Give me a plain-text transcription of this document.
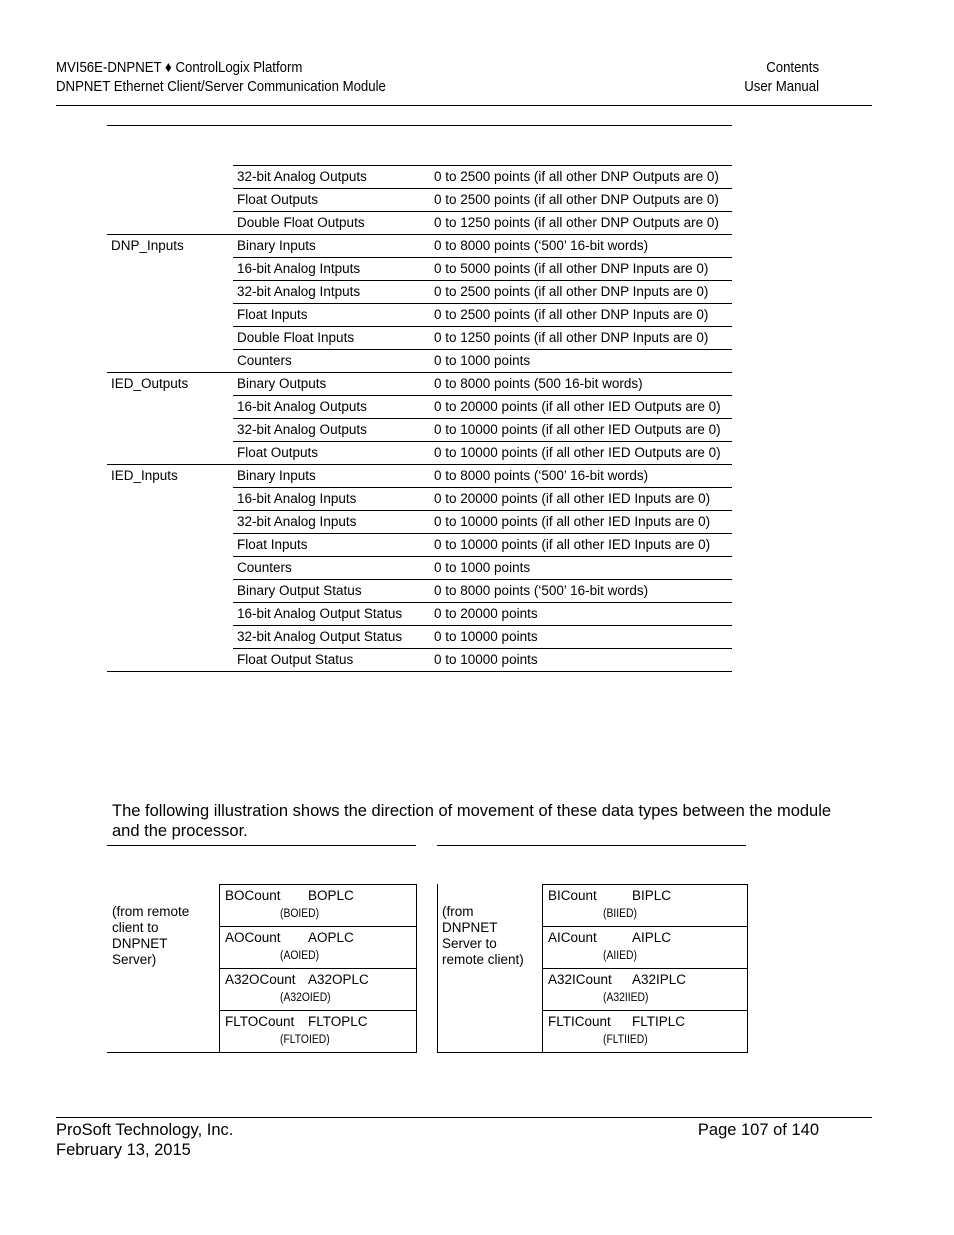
MVI56E-DNPNET ♦ ControlLogix Platform
DNPNET Ethernet Client/Server Communication Module
Contents
User Manual
	32-bit Analog Outputs	0 to 2500 points (if all other DNP Outputs are 0)
	Float Outputs	0 to 2500 points (if all other DNP Outputs are 0)
	Double Float Outputs	0 to 1250 points (if all other DNP Outputs are 0)
DNP_Inputs	Binary Inputs	0 to 8000 points (‘500’ 16-bit words)
	16-bit Analog Intputs	0 to 5000 points (if all other DNP Inputs are 0)
	32-bit Analog Intputs	0 to 2500 points (if all other DNP Inputs are 0)
	Float Inputs	0 to 2500 points (if all other DNP Inputs are 0)
	Double Float Inputs	0 to 1250 points (if all other DNP Inputs are 0)
	Counters	0 to 1000 points
IED_Outputs	Binary Outputs	0 to 8000 points (500 16-bit words)
	16-bit Analog Outputs	0 to 20000 points (if all other IED Outputs are 0)
	32-bit Analog Outputs	0 to 10000 points (if all other IED Outputs are 0)
	Float Outputs	0 to 10000 points (if all other IED Outputs are 0)
IED_Inputs	Binary Inputs	0 to 8000 points (‘500’ 16-bit words)
	16-bit Analog Inputs	0 to 20000 points (if all other IED Inputs are 0)
	32-bit Analog Inputs	0 to 10000 points (if all other IED Inputs are 0)
	Float Inputs	0 to 10000 points (if all other IED Inputs are 0)
	Counters	0 to 1000 points
	Binary Output Status	0 to 8000 points (‘500’ 16-bit words)
	16-bit Analog Output Status	0 to 20000 points
	32-bit Analog Output Status	0 to 10000 points
	Float Output Status	0 to 10000 points
The following illustration shows the direction of movement of these data types between the module and the processor.
(from remote client to DNPNET Server)
BOCount BOPLC
(BOIED)
AOCount AOPLC
(AOIED)
A32OCount A32OPLC
(A32OIED)
FLTOCount FLTOPLC
(FLTOIED)
(from DNPNET Server to remote client)
BICount	BIPLC
(BIIED)
AICount	AIPLC
(AIIED)
A32ICount A32IPLC
(A32IIED)
FLTICount FLTIPLC
(FLTIIED)
ProSoft Technology, Inc.
February 13, 2015
Page 107 of 140
